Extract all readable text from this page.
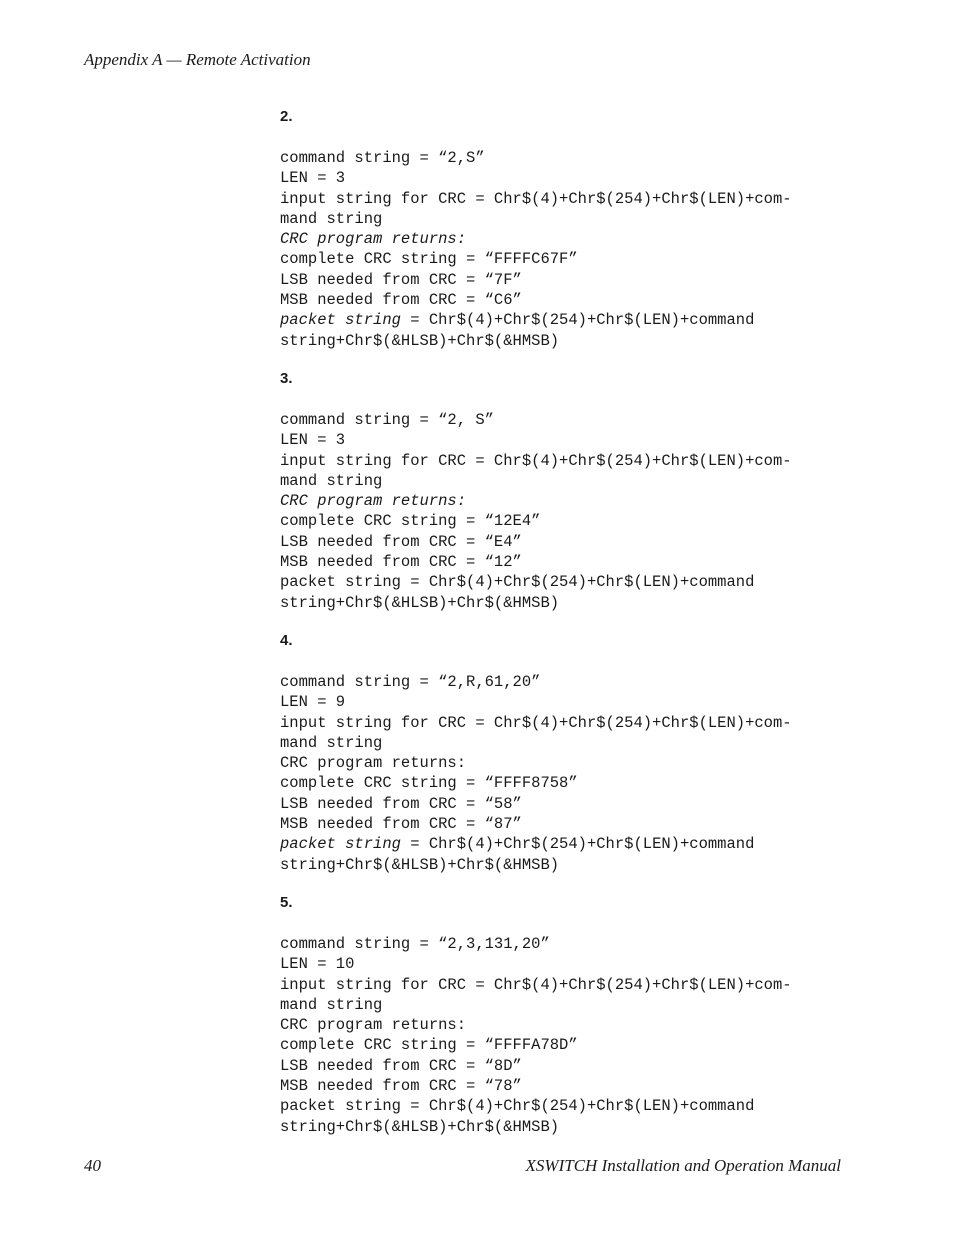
Appendix A — Remote Activation
2.
command string = “2,S”
LEN = 3
input string for CRC = Chr$(4)+Chr$(254)+Chr$(LEN)+com-
mand string
CRC program returns:
complete CRC string = “FFFFC67F”
LSB needed from CRC = “7F”
MSB needed from CRC = “C6”
packet string = Chr$(4)+Chr$(254)+Chr$(LEN)+command
string+Chr$(&HLSB)+Chr$(&HMSB)
3.
command string = “2, S”
LEN = 3
input string for CRC = Chr$(4)+Chr$(254)+Chr$(LEN)+com-
mand string
CRC program returns:
complete CRC string = “12E4”
LSB needed from CRC = “E4”
MSB needed from CRC = “12”
packet string = Chr$(4)+Chr$(254)+Chr$(LEN)+command
string+Chr$(&HLSB)+Chr$(&HMSB)
4.
command string = “2,R,61,20”
LEN = 9
input string for CRC = Chr$(4)+Chr$(254)+Chr$(LEN)+com-
mand string
CRC program returns:
complete CRC string = “FFFF8758”
LSB needed from CRC = “58”
MSB needed from CRC = “87”
packet string = Chr$(4)+Chr$(254)+Chr$(LEN)+command
string+Chr$(&HLSB)+Chr$(&HMSB)
5.
command string = “2,3,131,20”
LEN = 10
input string for CRC = Chr$(4)+Chr$(254)+Chr$(LEN)+com-
mand string
CRC program returns:
complete CRC string = “FFFFA78D”
LSB needed from CRC = “8D”
MSB needed from CRC = “78”
packet string = Chr$(4)+Chr$(254)+Chr$(LEN)+command
string+Chr$(&HLSB)+Chr$(&HMSB)
40	XSWITCH Installation and Operation Manual
